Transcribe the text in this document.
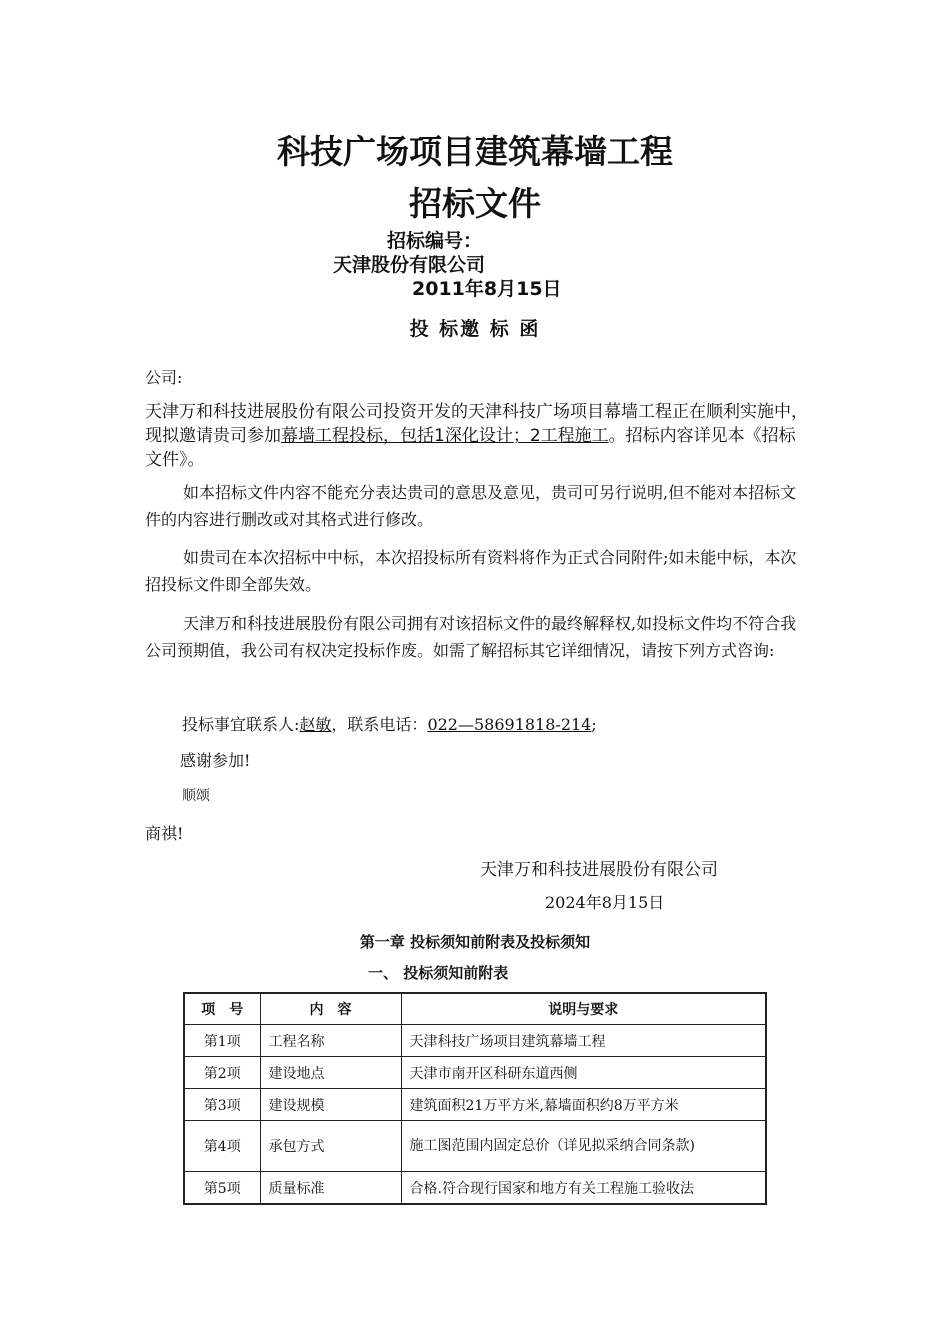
科技广场项目建筑幕墙工程
招标文件
招标编号：
天津股份有限公司
2011年8月15日
投 标邀 标 函
公司:
天津万和科技进展股份有限公司投资开发的天津科技广场项目幕墙工程正在顺利实施中，现拟邀请贵司参加幕墙工程投标，包括1深化设计；2工程施工。招标内容详见本《招标文件》。
如本招标文件内容不能充分表达贵司的意思及意见，贵司可另行说明,但不能对本招标文件的内容进行删改或对其格式进行修改。
如贵司在本次招标中中标，本次招投标所有资料将作为正式合同附件;如未能中标，本次招投标文件即全部失效。
天津万和科技进展股份有限公司拥有对该招标文件的最终解释权,如投标文件均不符合我公司预期值，我公司有权决定投标作废。如需了解招标其它详细情况，请按下列方式咨询:
投标事宜联系人:赵敏，联系电话：022—58691818-214;
感谢参加!
顺颂
商祺!
天津万和科技进展股份有限公司
2024年8月15日
第一章 投标须知前附表及投标须知
一、 投标须知前附表
项　号	内　容	说明与要求
第1项	工程名称	天津科技广场项目建筑幕墙工程
第2项	建设地点	天津市南开区科研东道西侧
第3项	建设规模	建筑面积21万平方米,幕墙面积约8万平方米
第4项	承包方式	施工图范围内固定总价（详见拟采纳合同条款)
第5项	质量标准	合格.符合现行国家和地方有关工程施工验收法
